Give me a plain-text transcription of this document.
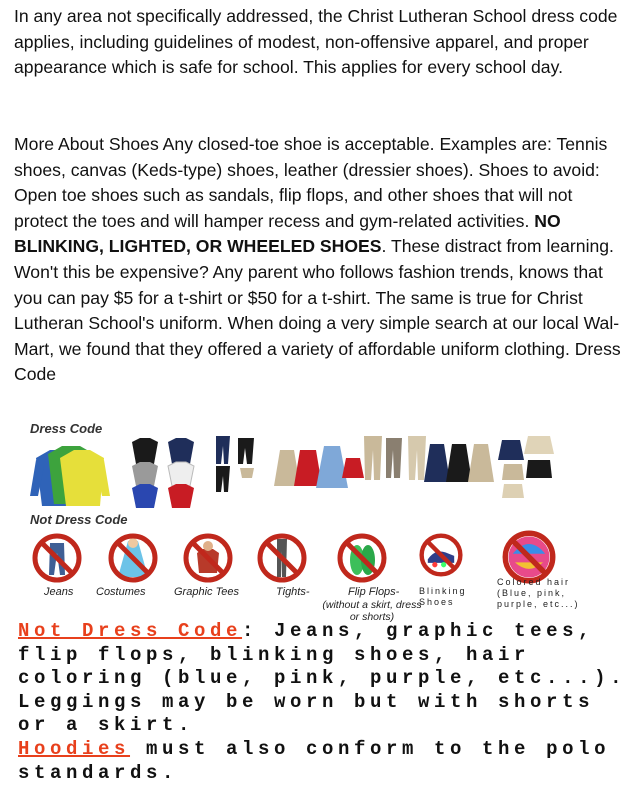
In any area not specifically addressed, the Christ Lutheran School dress code applies, including guidelines of modest, non-offensive apparel, and proper appearance which is safe for school. This applies for every school day.

More About Shoes Any closed-toe shoe is acceptable. Examples are: Tennis shoes, canvas (Keds-type) shoes, leather (dressier shoes). Shoes to avoid: Open toe shoes such as sandals, flip flops, and other shoes that will not protect the toes and will hamper recess and gym-related activities. NO BLINKING, LIGHTED, OR WHEELED SHOES. These distract from learning. Won't this be expensive? Any parent who follows fashion trends, knows that you can pay $5 for a t-shirt or $50 for a t-shirt. The same is true for Christ Lutheran School's uniform. When doing a very simple search at our local Wal-Mart, we found that they offered a variety of affordable uniform clothing. Dress Code

Dress Code
Not Dress Code
Jeans Costumes	Graphic Tees	Tights-	Flip Flops-
(without a skirt, dress or shorts)
Blinking Shoes
Colored hair (Blue, pink, purple, etc...)

Not Dress Code: Jeans, graphic tees, flip flops, blinking shoes, hair coloring (blue, pink, purple, etc...). Leggings may be worn but with shorts or a skirt.

Hoodies must also conform to the polo standards.
